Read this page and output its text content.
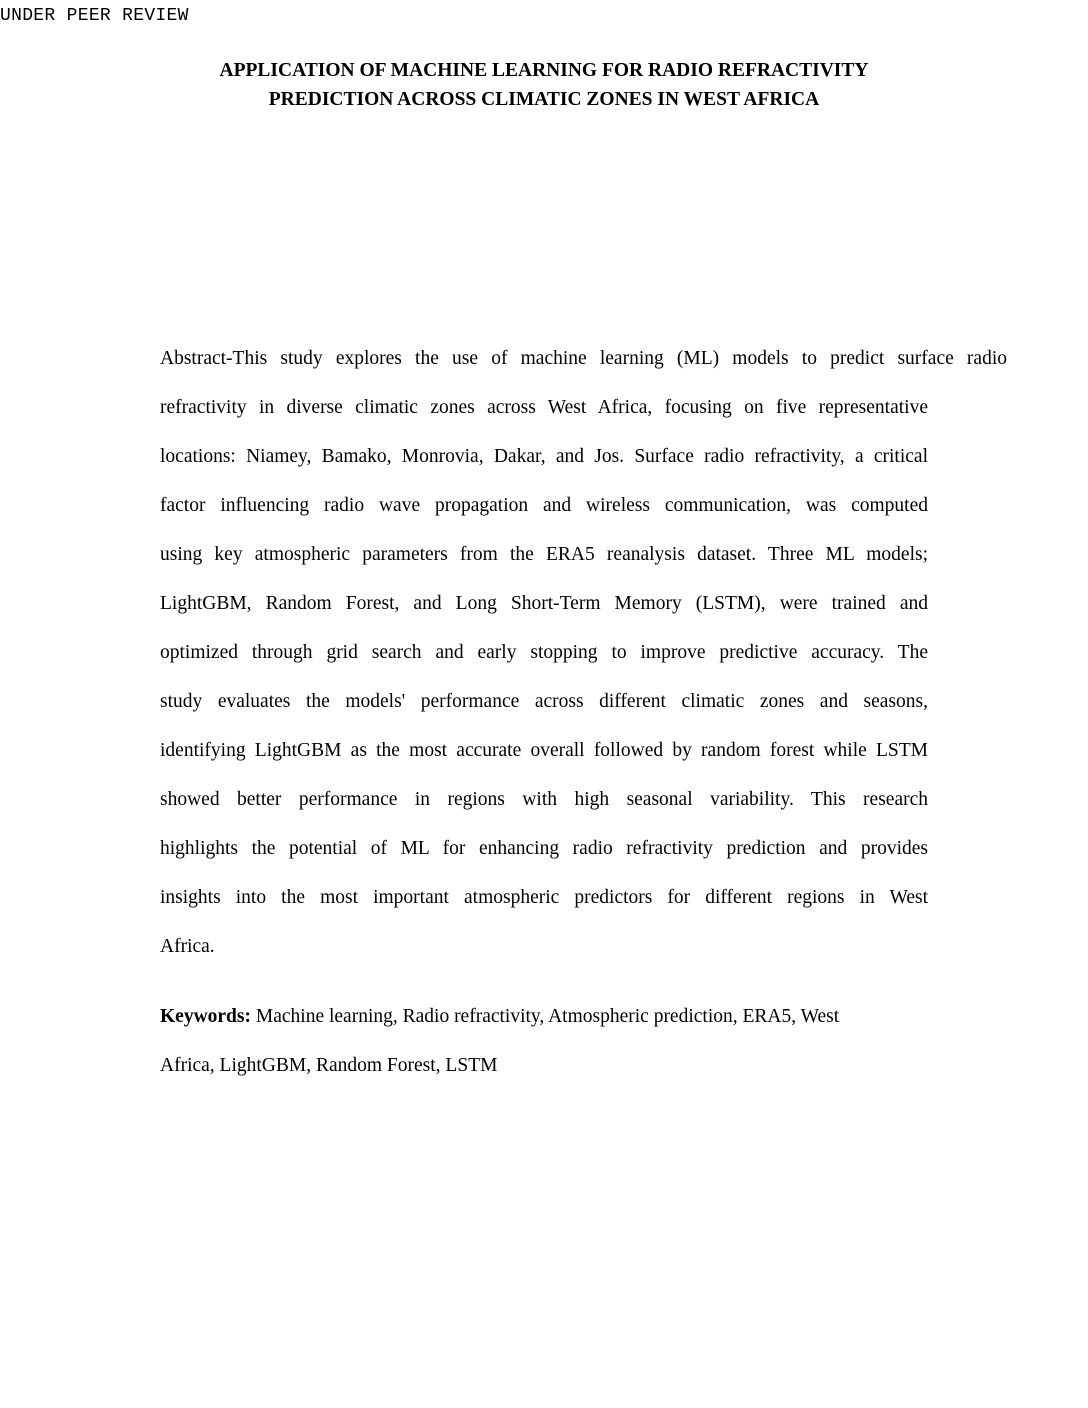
UNDER PEER REVIEW
APPLICATION OF MACHINE LEARNING FOR RADIO REFRACTIVITY
PREDICTION ACROSS CLIMATIC ZONES IN WEST AFRICA
Abstract-This study explores the use of machine learning (ML) models to predict surface radio
refractivity in diverse climatic zones across West Africa, focusing on five representative
locations: Niamey, Bamako, Monrovia, Dakar, and Jos. Surface radio refractivity, a critical
factor influencing radio wave propagation and wireless communication, was computed
using key atmospheric parameters from the ERA5 reanalysis dataset. Three ML models;
LightGBM, Random Forest, and Long Short-Term Memory (LSTM), were trained and
optimized through grid search and early stopping to improve predictive accuracy. The
study evaluates the models' performance across different climatic zones and seasons,
identifying LightGBM as the most accurate overall followed by random forest while LSTM
showed better performance in regions with high seasonal variability. This research
highlights the potential of ML for enhancing radio refractivity prediction and provides
insights into the most important atmospheric predictors for different regions in West
Africa.
Keywords: Machine learning, Radio refractivity, Atmospheric prediction, ERA5, West
Africa, LightGBM, Random Forest, LSTM
